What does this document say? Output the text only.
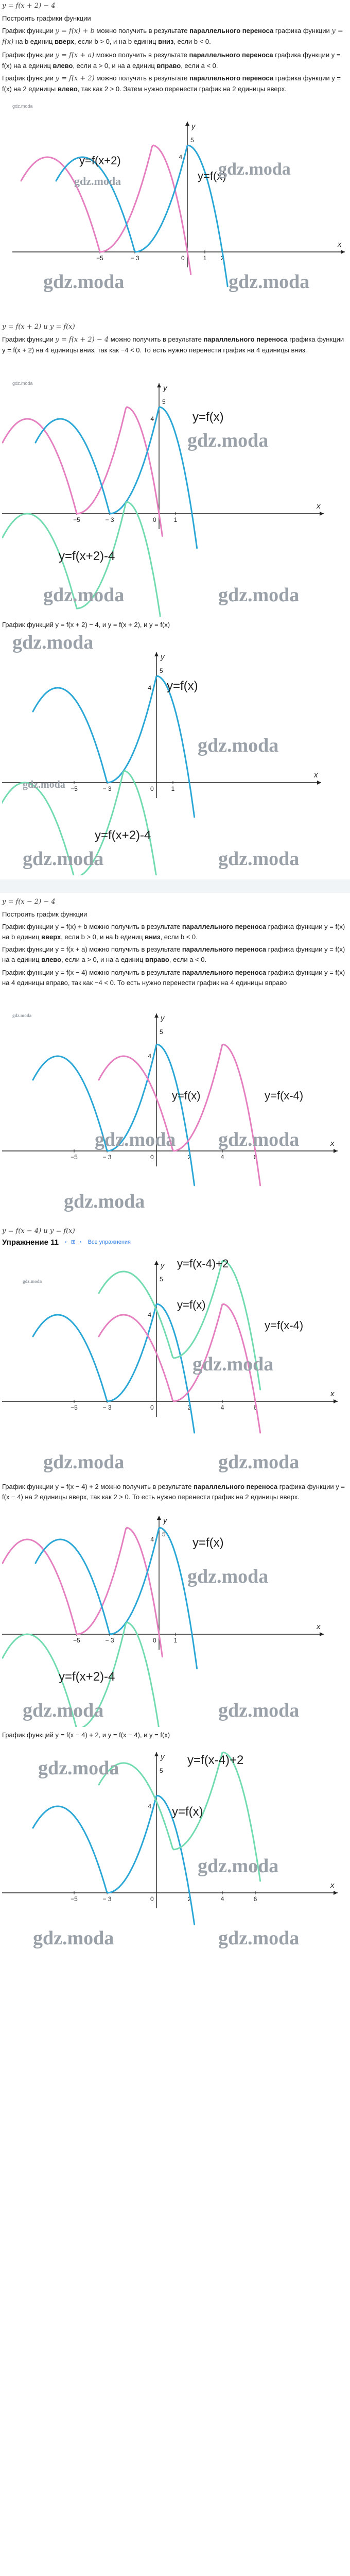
y = f(x + 2) − 4
Построить графики функции
График функции y = f(x) + b можно получить в результате параллельного переноса графика функции y = f(x) на b единиц вверх, если b > 0, и на b единиц вниз, если b < 0.
График функции y = f(x + a) можно получить в результате параллельного переноса графика функции y = f(x) на a единиц влево, если a > 0, и на a единиц вправо, если a < 0.
График функции y = f(x + 2) можно получить в результате параллельного переноса графика функции y = f(x) на 2 единицы влево, так как 2 > 0. Затем нужно перенести график на 2 единицы вверх.
y
x
−5	− 3	1 2
5
4
0
y=f(x+2)
y=f(x)
gdz.moda
gdz.moda
gdz.moda	gdz.moda
gdz.moda
y = f(x + 2) и y = f(x)
График функции y = f(x + 2) − 4 можно получить в результате параллельного переноса графика функции y = f(x + 2) на 4 единицы вниз, так как −4 < 0. То есть нужно перенести график на 4 единицы вниз.
y
x
−5	− 3	1
5
4
0
y=f(x)
y=f(x+2)-4
gdz.moda
gdz.moda	gdz.moda
gdz.moda
График функций y = f(x + 2) − 4, и y = f(x + 2), и y = f(x)
y
x
−5	− 3	1
5
4
0
y=f(x)
y=f(x+2)-4
gdz.moda
gdz.moda
gdz.moda
gdz.moda	gdz.moda
y = f(x − 2) − 4
Построить график функции
График функции y = f(x) + b можно получить в результате параллельного переноса графика функции y = f(x) на b единиц вверх, если b > 0, и на b единиц вниз, если b < 0.
График функции y = f(x + a) можно получить в результате параллельного переноса графика функции y = f(x) на a единиц влево, если a > 0, и на a единиц вправо, если a < 0.
График функции y = f(x − 4) можно получить в результате параллельного переноса графика функции y = f(x) на 4 единицы вправо, так как −4 < 0. То есть нужно перенести график на 4 единицы вправо
y
x
−5	− 3	2	4	6
5
4
0
y=f(x)	y=f(x-4)
gdz.moda
gdz.moda gdz.moda
gdz.moda
y = f(x − 4) и y = f(x)
Упражнение 11 ‹ ⊞ › Все упражнения
y
x
−5	− 3	2	4	6
5
4
0
y=f(x-4)+2
y=f(x)
y=f(x-4)
gdz.moda
gdz.moda
gdz.moda	gdz.moda
График функции y = f(x − 4) + 2 можно получить в результате параллельного переноса графика функции y = f(x − 4) на 2 единицы вверх, так как 2 > 0. То есть нужно перенести график на 2 единицы вверх.
y
x
−5	− 3	1
5
4
0
y=f(x)
y=f(x+2)-4
gdz.moda
gdz.moda	gdz.moda
График функций y = f(x − 4) + 2, и y = f(x − 4), и y = f(x)
y
x
−5	− 3	2	4	6
5
4
0
y=f(x-4)+2
y=f(x)
gdz.moda
gdz.moda
gdz.moda	gdz.moda
